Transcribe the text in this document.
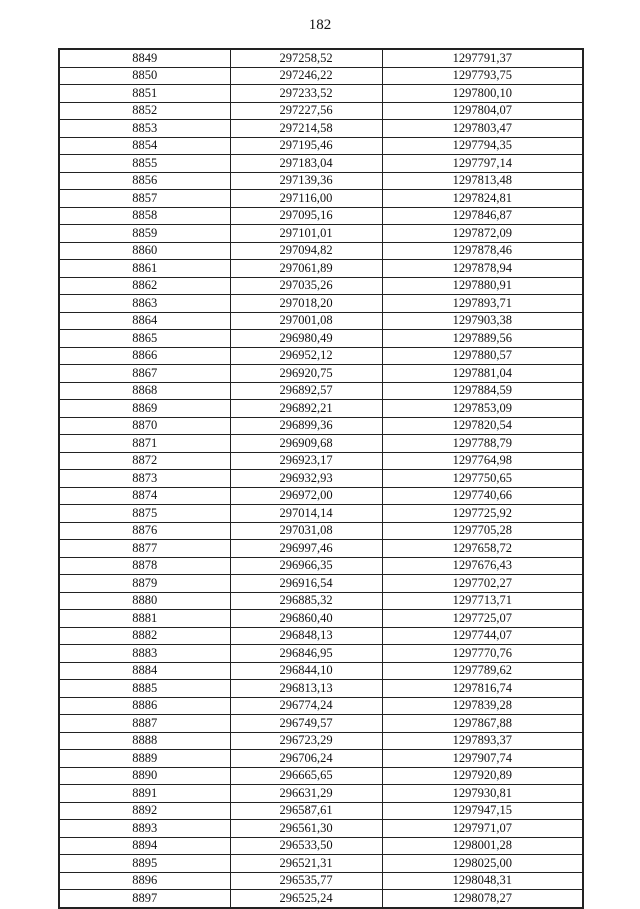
182
8849	297258,52	1297791,37
8850	297246,22	1297793,75
8851	297233,52	1297800,10
8852	297227,56	1297804,07
8853	297214,58	1297803,47
8854	297195,46	1297794,35
8855	297183,04	1297797,14
8856	297139,36	1297813,48
8857	297116,00	1297824,81
8858	297095,16	1297846,87
8859	297101,01	1297872,09
8860	297094,82	1297878,46
8861	297061,89	1297878,94
8862	297035,26	1297880,91
8863	297018,20	1297893,71
8864	297001,08	1297903,38
8865	296980,49	1297889,56
8866	296952,12	1297880,57
8867	296920,75	1297881,04
8868	296892,57	1297884,59
8869	296892,21	1297853,09
8870	296899,36	1297820,54
8871	296909,68	1297788,79
8872	296923,17	1297764,98
8873	296932,93	1297750,65
8874	296972,00	1297740,66
8875	297014,14	1297725,92
8876	297031,08	1297705,28
8877	296997,46	1297658,72
8878	296966,35	1297676,43
8879	296916,54	1297702,27
8880	296885,32	1297713,71
8881	296860,40	1297725,07
8882	296848,13	1297744,07
8883	296846,95	1297770,76
8884	296844,10	1297789,62
8885	296813,13	1297816,74
8886	296774,24	1297839,28
8887	296749,57	1297867,88
8888	296723,29	1297893,37
8889	296706,24	1297907,74
8890	296665,65	1297920,89
8891	296631,29	1297930,81
8892	296587,61	1297947,15
8893	296561,30	1297971,07
8894	296533,50	1298001,28
8895	296521,31	1298025,00
8896	296535,77	1298048,31
8897	296525,24	1298078,27
